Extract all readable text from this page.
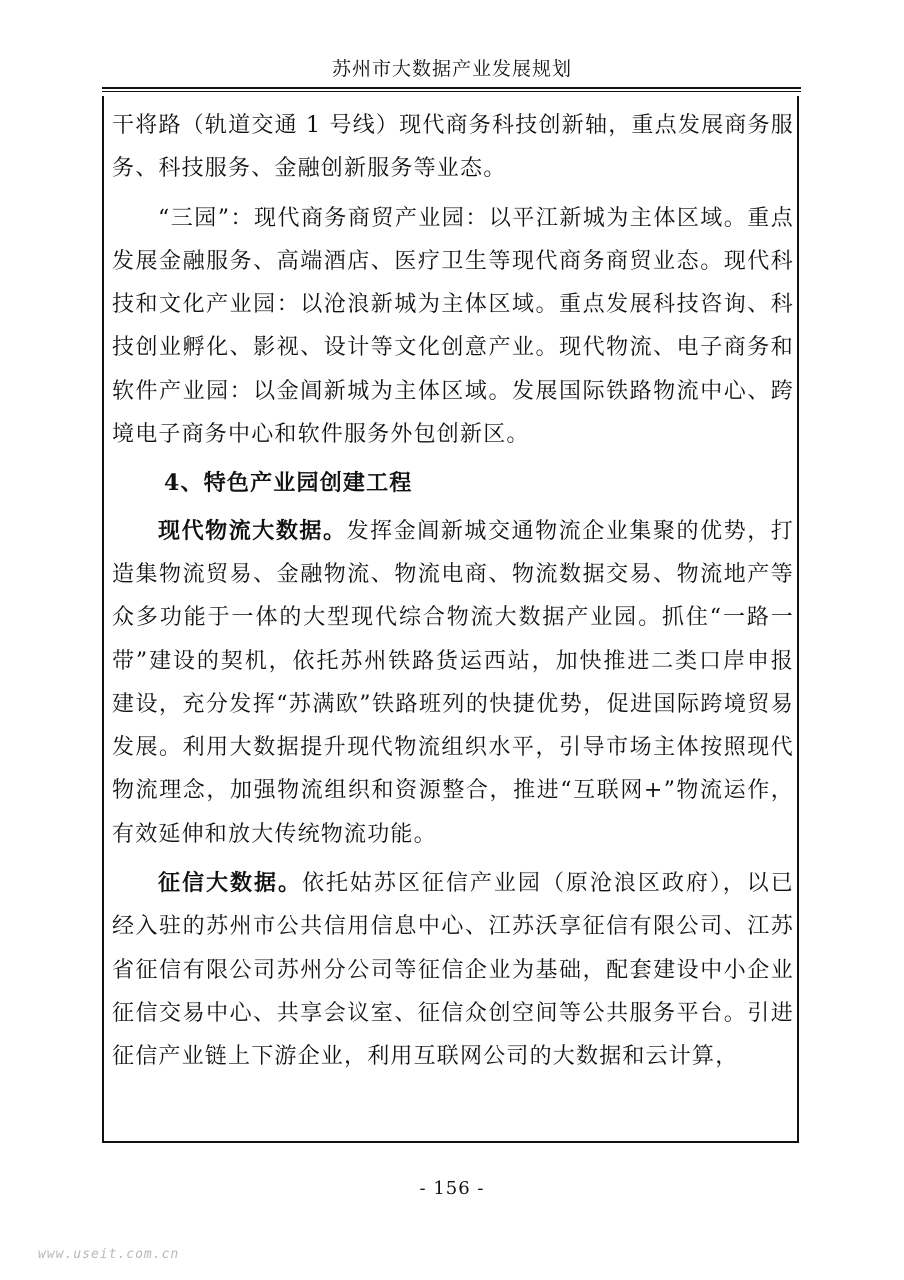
苏州市大数据产业发展规划

干将路（轨道交通 1 号线）现代商务科技创新轴，重点发展商务服务、科技服务、金融创新服务等业态。

“三园”：现代商务商贸产业园：以平江新城为主体区域。重点发展金融服务、高端酒店、医疗卫生等现代商务商贸业态。现代科技和文化产业园：以沧浪新城为主体区域。重点发展科技咨询、科技创业孵化、影视、设计等文化创意产业。现代物流、电子商务和软件产业园：以金阊新城为主体区域。发展国际铁路物流中心、跨境电子商务中心和软件服务外包创新区。

4、特色产业园创建工程

现代物流大数据。发挥金阊新城交通物流企业集聚的优势，打造集物流贸易、金融物流、物流电商、物流数据交易、物流地产等众多功能于一体的大型现代综合物流大数据产业园。抓住“一路一带”建设的契机，依托苏州铁路货运西站，加快推进二类口岸申报建设，充分发挥“苏满欧”铁路班列的快捷优势，促进国际跨境贸易发展。利用大数据提升现代物流组织水平，引导市场主体按照现代物流理念，加强物流组织和资源整合，推进“互联网+”物流运作，有效延伸和放大传统物流功能。

征信大数据。依托姑苏区征信产业园（原沧浪区政府），以已经入驻的苏州市公共信用信息中心、江苏沃享征信有限公司、江苏省征信有限公司苏州分公司等征信企业为基础，配套建设中小企业征信交易中心、共享会议室、征信众创空间等公共服务平台。引进征信产业链上下游企业，利用互联网公司的大数据和云计算，

- 156 -
www.useit.com.cn
